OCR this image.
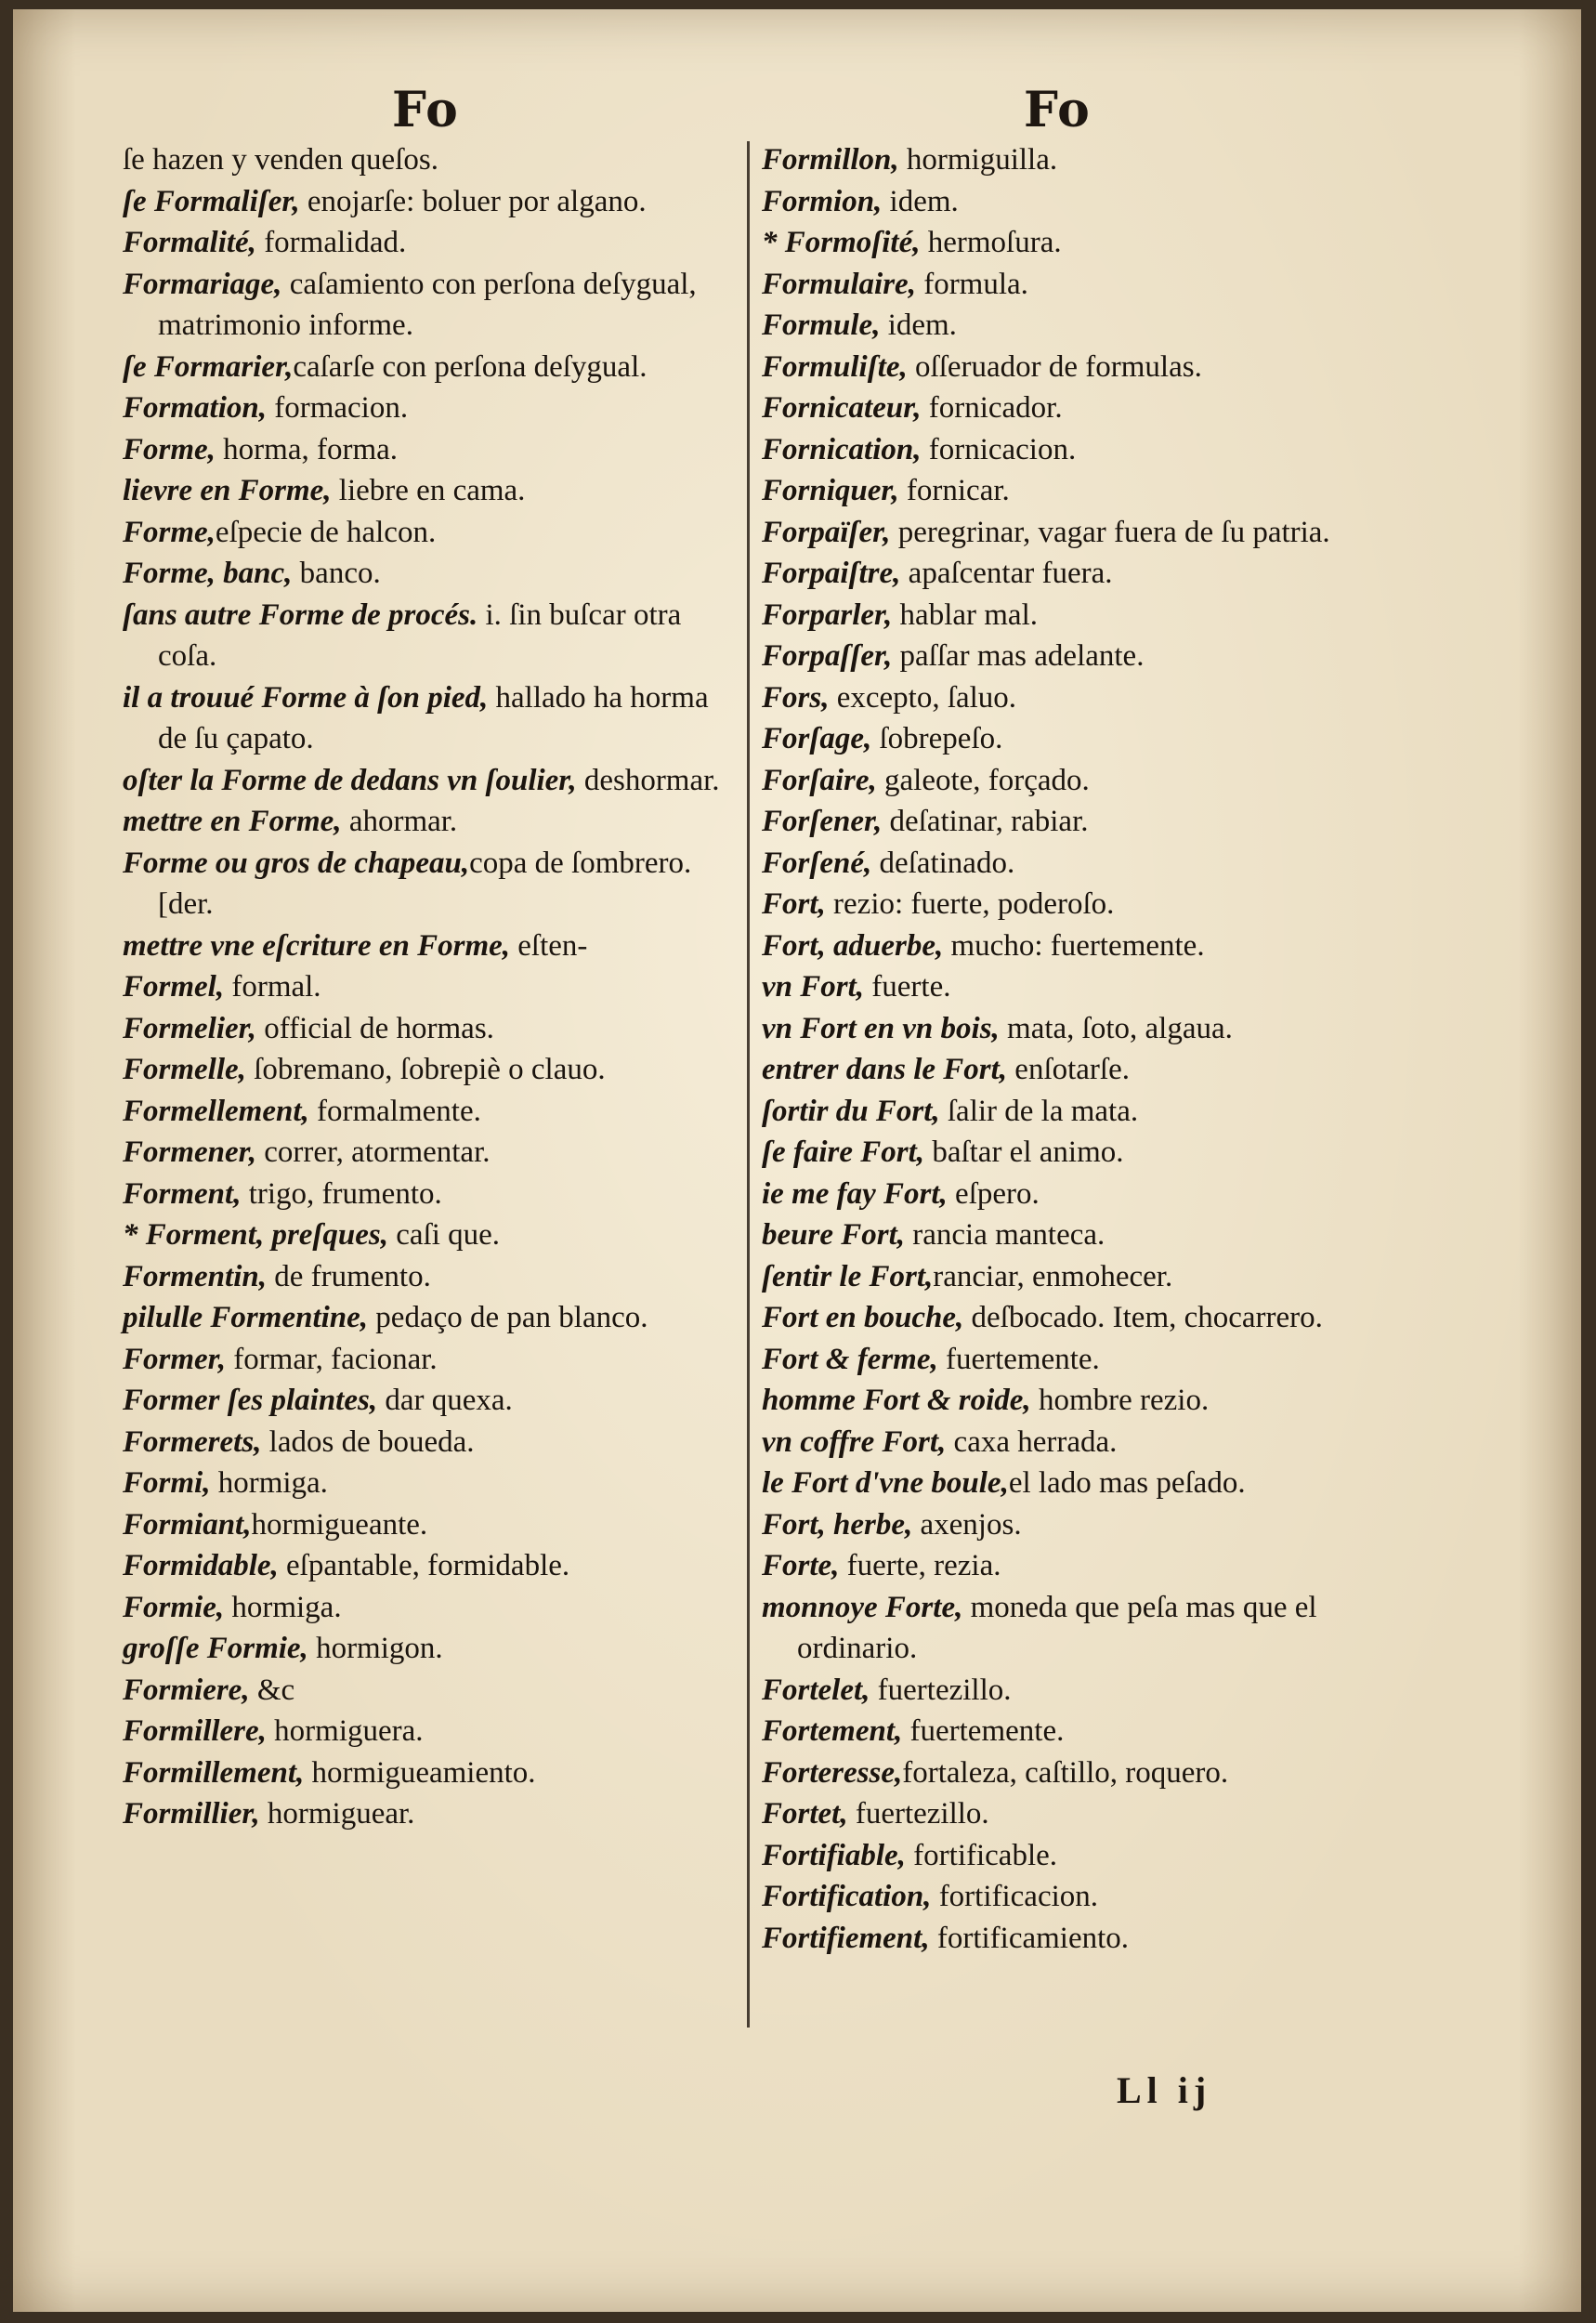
Fo	Fo

ſe hazen y venden queſos.

ſe Formaliſer, enojarſe: boluer por algano.

Formalité, formalidad.

Formariage, caſamiento con perſona deſygual, matrimonio informe.

ſe Formarier,caſarſe con perſona deſygual.

Formation, formacion.

Forme, horma, forma.

lievre en Forme, liebre en cama.

Forme,eſpecie de halcon.

Forme, banc, banco.

ſans autre Forme de procés. i. ſin buſcar otra coſa.

il a trouué Forme à ſon pied, hallado ha horma de ſu çapato.

oſter la Forme de dedans vn ſoulier, deshormar.

mettre en Forme, ahormar.

Forme ou gros de chapeau,copa de ſombrero. [der.

mettre vne eſcriture en Forme, eſten-

Formel, formal.

Formelier, official de hormas.

Formelle, ſobremano, ſobrepiè o clauo.

Formellement, formalmente.

Formener, correr, atormentar.

Forment, trigo, frumento.

* Forment, preſques, caſi que.

Formentin, de frumento.

pilulle Formentine, pedaço de pan blanco.

Former, formar, facionar.

Former ſes plaintes, dar quexa.

Formerets, lados de boueda.

Formi, hormiga.

Formiant,hormigueante.

Formidable, eſpantable, formidable.

Formie, hormiga.

groſſe Formie, hormigon.

Formiere, &c

Formillere, hormiguera.

Formillement, hormigueamiento.

Formillier, hormiguear.

Formillon, hormiguilla.

Formion, idem.

* Formoſité, hermoſura.

Formulaire, formula.

Formule, idem.

Formuliſte, oſſeruador de formulas.

Fornicateur, fornicador.

Fornication, fornicacion.

Forniquer, fornicar.

Forpaïſer, peregrinar, vagar fuera de ſu patria.

Forpaiſtre, apaſcentar fuera.

Forparler, hablar mal.

Forpaſſer, paſſar mas adelante.

Fors, excepto, ſaluo.

Forſage, ſobrepeſo.

Forſaire, galeote, forçado.

Forſener, deſatinar, rabiar.

Forſené, deſatinado.

Fort, rezio: fuerte, poderoſo.

Fort, aduerbe, mucho: fuertemente.

vn Fort, fuerte.

vn Fort en vn bois, mata, ſoto, algaua.

entrer dans le Fort, enſotarſe.

ſortir du Fort, ſalir de la mata.

ſe faire Fort, baſtar el animo.

ie me fay Fort, eſpero.

beure Fort, rancia manteca.

ſentir le Fort,ranciar, enmohecer.

Fort en bouche, deſbocado. Item, chocarrero.

Fort & ferme, fuertemente.

homme Fort & roide, hombre rezio.

vn coffre Fort, caxa herrada.

le Fort d'vne boule,el lado mas peſado.

Fort, herbe, axenjos.

Forte, fuerte, rezia.

monnoye Forte, moneda que peſa mas que el ordinario.

Fortelet, fuertezillo.

Fortement, fuertemente.

Forteresse,fortaleza, caſtillo, roquero.

Fortet, fuertezillo.

Fortifiable, fortificable.

Fortification, fortificacion.

Fortifiement, fortificamiento.

Ll ij
